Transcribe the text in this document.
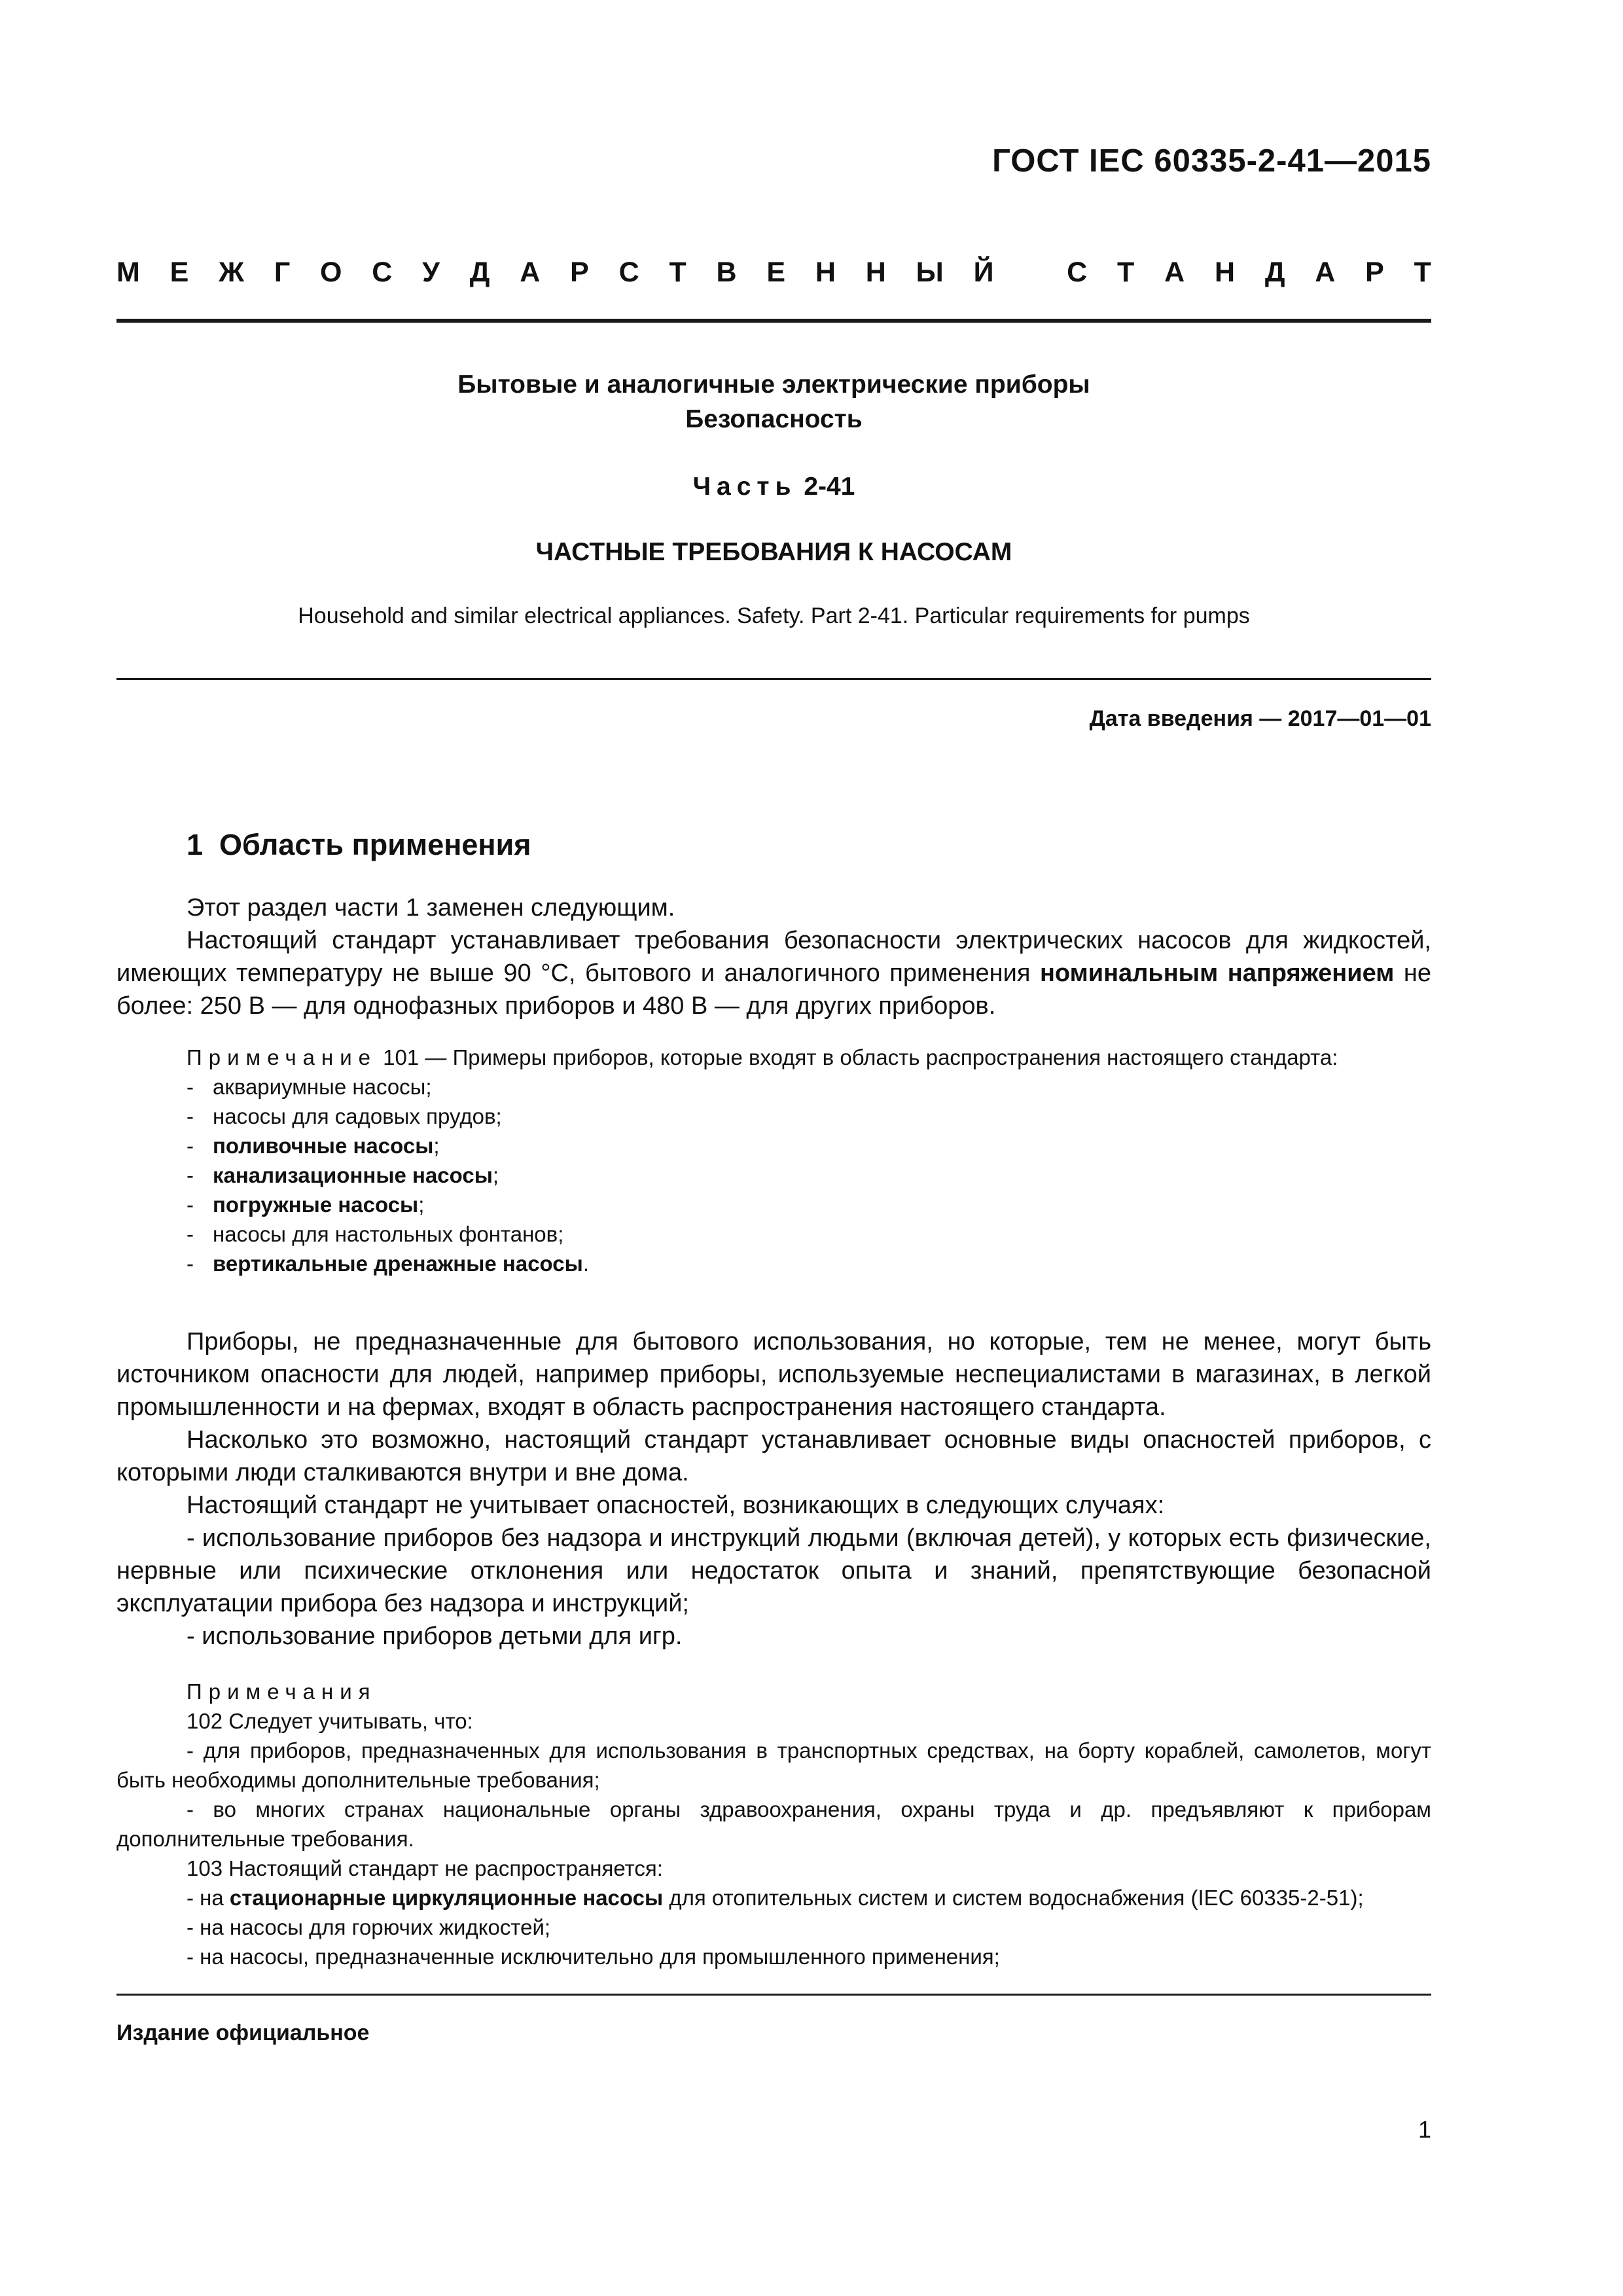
ГОСТ IEC 60335-2-41—2015
М Е Ж Г О С У Д А Р С Т В Е Н Н Ы Й	С Т А Н Д А Р Т
Бытовые и аналогичные электрические приборы
Безопасность
Часть 2-41
ЧАСТНЫЕ ТРЕБОВАНИЯ К НАСОСАМ
Household and similar electrical appliances. Safety. Part 2-41. Particular requirements for pumps
Дата введения — 2017—01—01
1 Область применения

Этот раздел части 1 заменен следующим.

Настоящий стандарт устанавливает требования безопасности электрических насосов для жидкостей, имеющих температуру не выше 90 °С, бытового и аналогичного применения номинальным напряжением не более: 250 В — для однофазных приборов и 480 В — для других приборов.

Примечание 101 — Примеры приборов, которые входят в область распространения настоящего стандарта:

- аквариумные насосы;

- насосы для садовых прудов;

- поливочные насосы;

- канализационные насосы;

- погружные насосы;

- насосы для настольных фонтанов;

- вертикальные дренажные насосы.

Приборы, не предназначенные для бытового использования, но которые, тем не менее, могут быть источником опасности для людей, например приборы, используемые неспециалистами в магазинах, в легкой промышленности и на фермах, входят в область распространения настоящего стандарта.

Насколько это возможно, настоящий стандарт устанавливает основные виды опасностей приборов, с которыми люди сталкиваются внутри и вне дома.

Настоящий стандарт не учитывает опасностей, возникающих в следующих случаях:

- использование приборов без надзора и инструкций людьми (включая детей), у которых есть физические, нервные или психические отклонения или недостаток опыта и знаний, препятствующие безопасной эксплуатации прибора без надзора и инструкций;

- использование приборов детьми для игр.

Примечания

102 Следует учитывать, что:

- для приборов, предназначенных для использования в транспортных средствах, на борту кораблей, самолетов, могут быть необходимы дополнительные требования;

- во многих странах национальные органы здравоохранения, охраны труда и др. предъявляют к приборам дополнительные требования.

103 Настоящий стандарт не распространяется:

- на стационарные циркуляционные насосы для отопительных систем и систем водоснабжения (IEC 60335-2-51);

- на насосы для горючих жидкостей;

- на насосы, предназначенные исключительно для промышленного применения;

Издание официальное
1
